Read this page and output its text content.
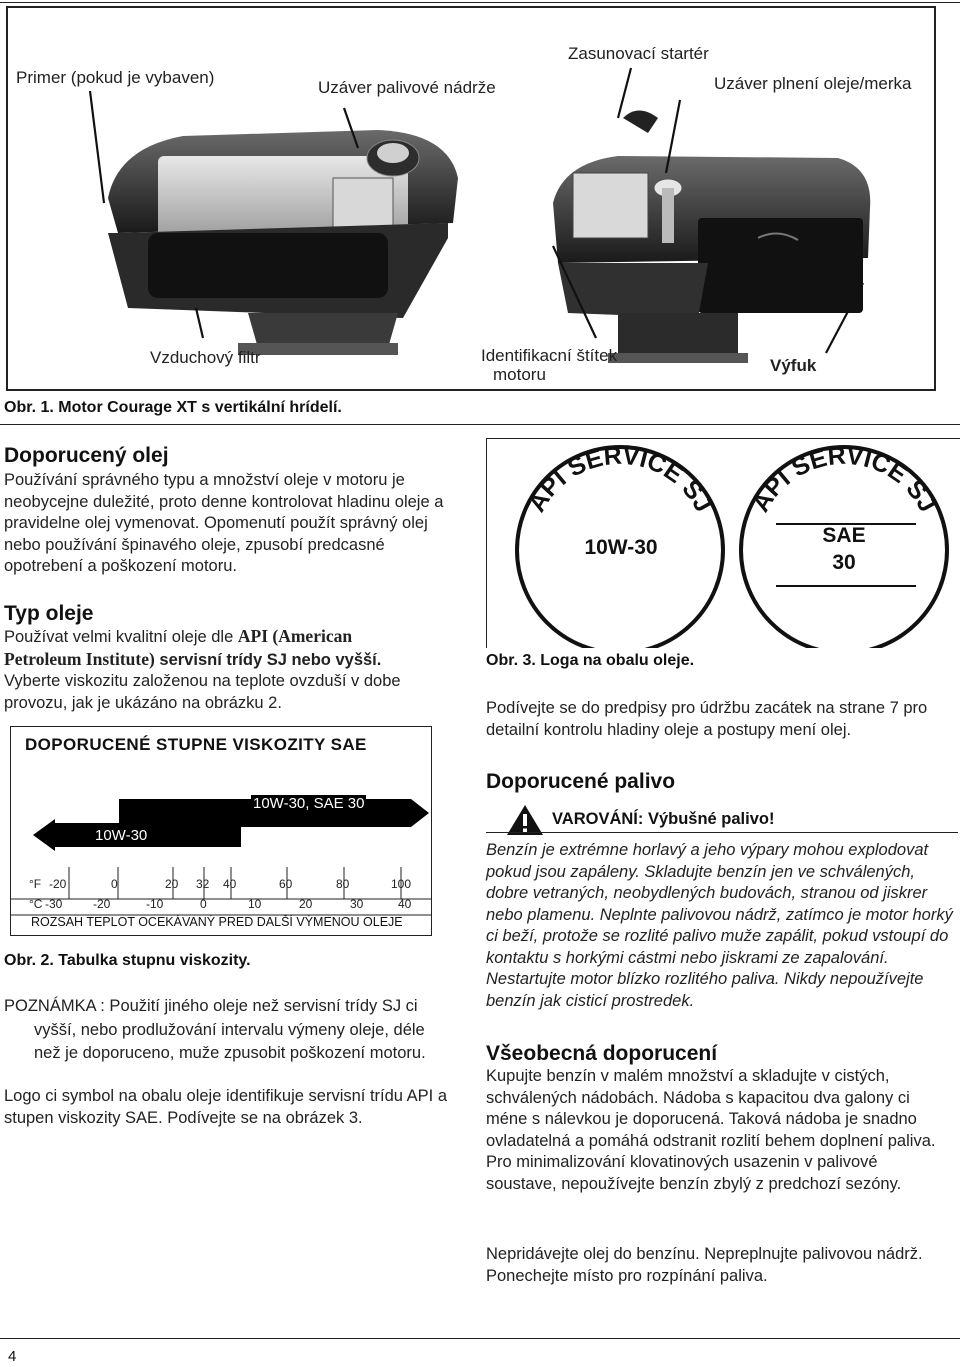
Primer (pokud je vybaven)
Uzáver palivové nádrže
Zasunovací startér
Uzáver plnení oleje/merka
Vzduchový filtr	Identifikacní štítek
motoru	Výfuk
Obr. 1. Motor Courage XT s vertikální hrídelí.
Doporucený olej
Používání správného typu a množství oleje v motoru je neobycejne duležité, proto denne kontrolovat hladinu oleje a pravidelne olej vymenovat. Opomenutí použít správný olej nebo používání špinavého oleje, zpusobí predcasné opotrebení a poškození motoru.
Typ oleje
Používat velmi kvalitní oleje dle API (American
Petroleum Institute) servisní trídy SJ nebo vyšší.
Vyberte viskozitu založenou na teplote ovzduší v dobe provozu, jak je ukázáno na obrázku 2.
DOPORUCENÉ STUPNE VISKOZITY SAE
10W-30, SAE 30
10W-30
°F -20	0	20 32 40	60	80	100
°C -30	-20	-10	0	10	20	30	40
ROZSAH TEPLOT OCEKÁVANÝ PRED DALŠÍ VÝMENOU OLEJE
Obr. 2. Tabulka stupnu viskozity.
POZNÁMKA : Použití jiného oleje než servisní trídy SJ ci
vyšší, nebo prodlužování intervalu výmeny oleje, déle
než je doporuceno, muže zpusobit poškození motoru.
Logo ci symbol na obalu oleje identifikuje servisní trídu API a stupen viskozity SAE. Podívejte se na obrázek 3.
API SERVICE SJ API SERVICE SJ
10W-30
SAE
30
Obr. 3. Loga na obalu oleje.
Podívejte se do predpisy pro údržbu zacátek na strane 7 pro detailní kontrolu hladiny oleje a postupy mení olej.
Doporucené palivo
VAROVÁNÍ: Výbušné palivo!
Benzín je extrémne horlavý a jeho výpary mohou explodovat pokud jsou zapáleny. Skladujte benzín jen ve schválených, dobre vetraných, neobydlených budovách, stranou od jiskrer nebo plamenu. Neplnte palivovou nádrž, zatímco je motor horký ci beží, protože se rozlité palivo muže zapálit, pokud vstoupí do kontaktu s horkými cástmi nebo jiskrami ze zapalování. Nestartujte motor blízko rozlitého paliva. Nikdy nepoužívejte benzín jak cisticí prostredek.
Všeobecná doporucení
Kupujte benzín v malém množství a skladujte v cistých, schválených nádobách. Nádoba s kapacitou dva galony ci méne s nálevkou je doporucená. Taková nádoba je snadno ovladatelná a pomáhá odstranit rozlití behem doplnení paliva. Pro minimalizování klovatinových usazenin v palivové soustave, nepoužívejte benzín zbylý z predchozí sezóny.
Nepridávejte olej do benzínu. Nepreplnujte palivovou nádrž. Ponechejte místo pro rozpínání paliva.
4
